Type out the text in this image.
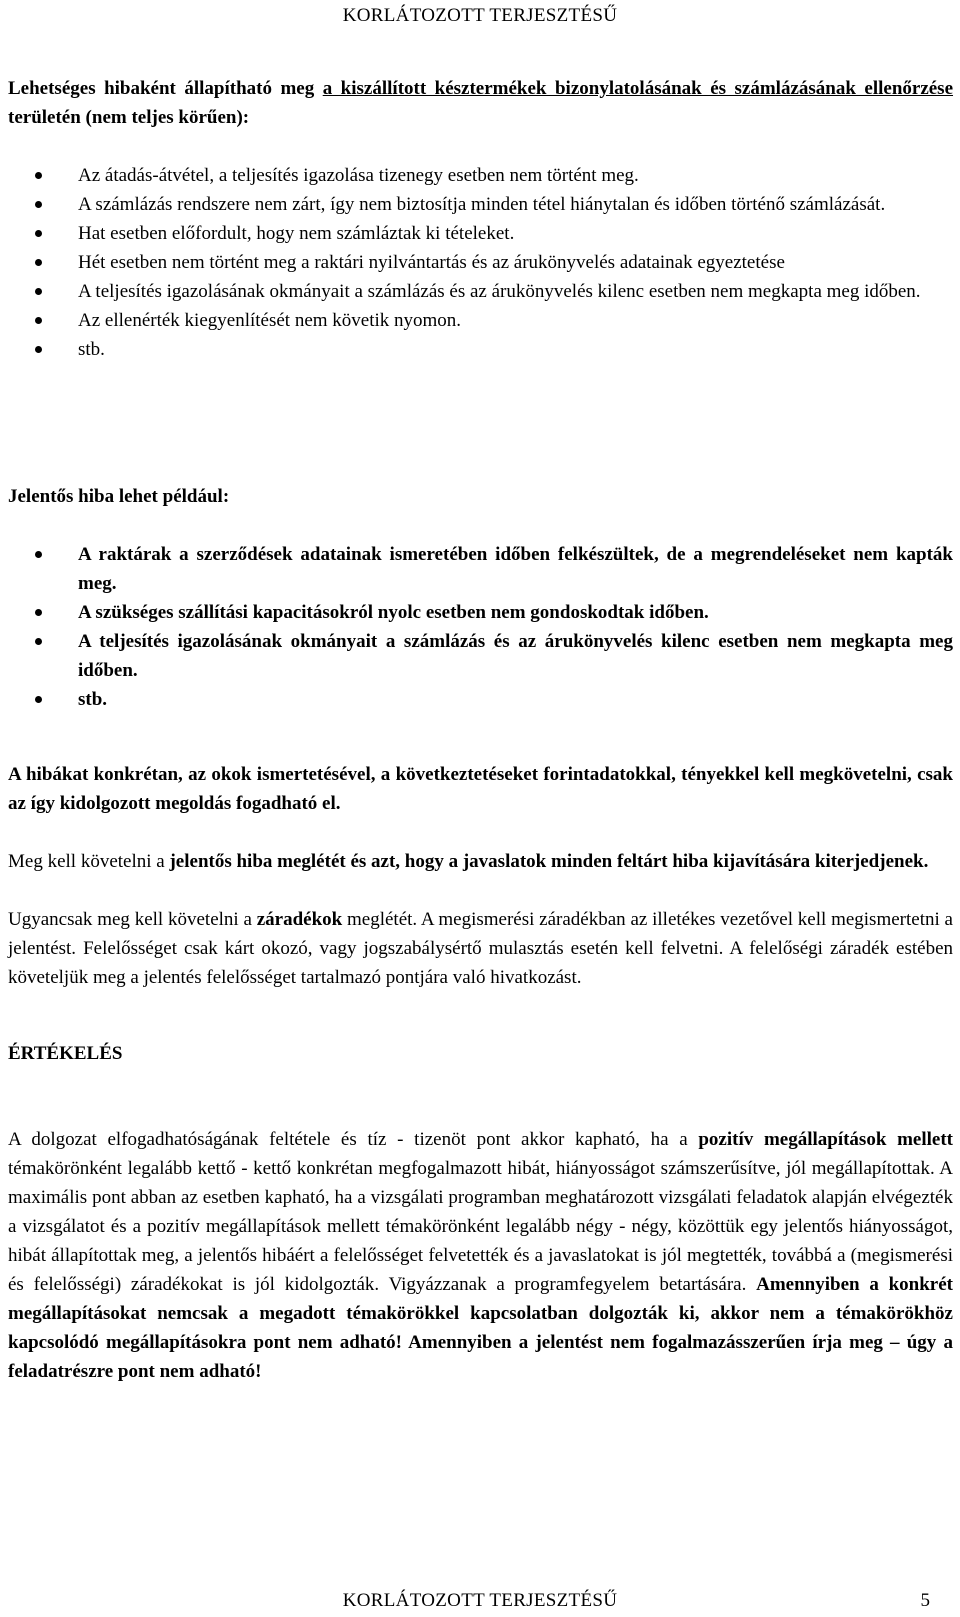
KORLÁTOZOTT TERJESZTÉSŰ
Lehetséges hibaként állapítható meg a kiszállított késztermékek bizonylatolásának és számlázásának ellenőrzése területén (nem teljes körűen):
Az átadás-átvétel, a teljesítés igazolása tizenegy esetben nem történt meg.
A számlázás rendszere nem zárt, így nem biztosítja minden tétel hiánytalan és időben történő számlázását.
Hat esetben előfordult, hogy nem számláztak ki tételeket.
Hét esetben nem történt meg a raktári nyilvántartás és az árukönyvelés adatainak egyeztetése
A teljesítés igazolásának okmányait a számlázás és az árukönyvelés kilenc esetben nem megkapta meg időben.
Az ellenérték kiegyenlítését nem követik nyomon.
stb.
Jelentős hiba lehet például:
A raktárak a szerződések adatainak ismeretében időben felkészültek, de a megrendeléseket nem kapták meg.
A szükséges szállítási kapacitásokról nyolc esetben nem gondoskodtak időben.
A teljesítés igazolásának okmányait a számlázás és az árukönyvelés kilenc esetben nem megkapta meg időben.
stb.

A hibákat konkrétan, az okok ismertetésével, a következtetéseket forintadatokkal, tényekkel kell megkövetelni, csak az így kidolgozott megoldás fogadható el.

Meg kell követelni a jelentős hiba meglétét és azt, hogy a javaslatok minden feltárt hiba kijavítására kiterjedjenek.

Ugyancsak meg kell követelni a záradékok meglétét. A megismerési záradékban az illetékes vezetővel kell megismertetni a jelentést. Felelősséget csak kárt okozó, vagy jogszabálysértő mulasztás esetén kell felvetni. A felelőségi záradék estében követeljük meg a jelentés felelősséget tartalmazó pontjára való hivatkozást.

ÉRTÉKELÉS

A dolgozat elfogadhatóságának feltétele és tíz - tizenöt pont akkor kapható, ha a pozitív megállapítások mellett témakörönként legalább kettő - kettő konkrétan megfogalmazott hibát, hiányosságot számszerűsítve, jól megállapítottak. A maximális pont abban az esetben kapható, ha a vizsgálati programban meghatározott vizsgálati feladatok alapján elvégezték a vizsgálatot és a pozitív megállapítások mellett témakörönként legalább négy - négy, közöttük egy jelentős hiányosságot, hibát állapítottak meg, a jelentős hibáért a felelősséget felvetették és a javaslatokat is jól megtették, továbbá a (megismerési és felelősségi) záradékokat is jól kidolgozták. Vigyázzanak a programfegyelem betartására. Amennyiben a konkrét megállapításokat nemcsak a megadott témakörökkel kapcsolatban dolgozták ki, akkor nem a témakörökhöz kapcsolódó megállapításokra pont nem adható! Amennyiben a jelentést nem fogalmazásszerűen írja meg – úgy a feladatrészre pont nem adható!

KORLÁTOZOTT TERJESZTÉSŰ	5
